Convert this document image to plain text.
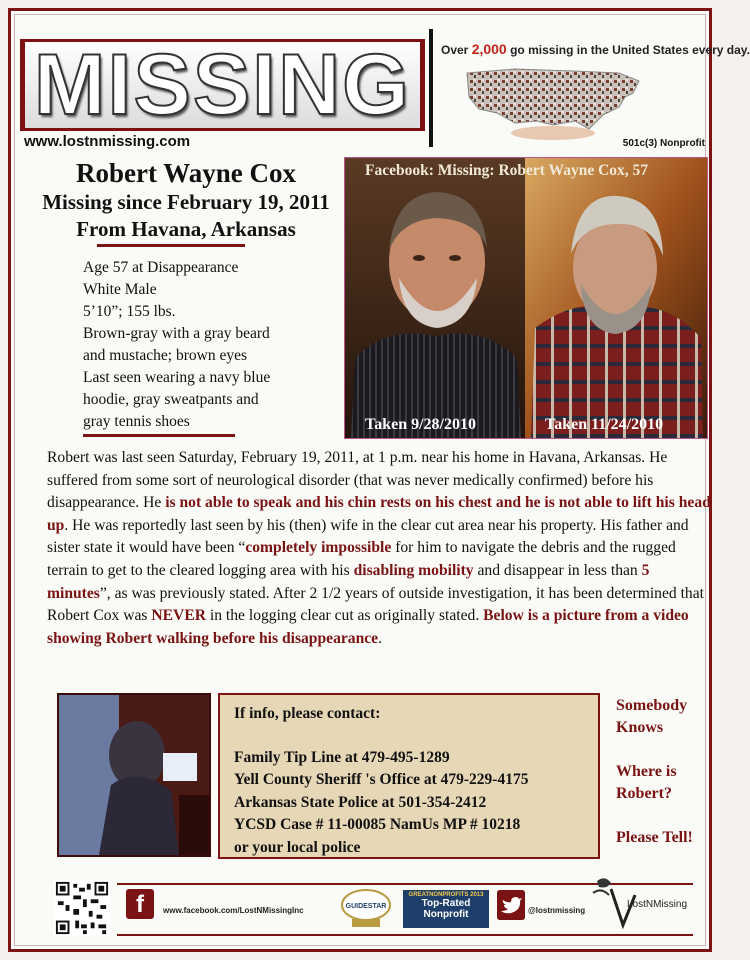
MISSING
www.lostnmissing.com
Over 2,000 go missing in the United States every day.
501c(3) Nonprofit
Robert Wayne Cox
Missing since February 19, 2011
From Havana, Arkansas
Age 57 at Disappearance
White Male
5’10”; 155 lbs.
Brown-gray with a gray beard
and mustache; brown eyes
Last seen wearing a navy blue
hoodie, gray sweatpants and
gray tennis shoes
Facebook: Missing: Robert Wayne Cox, 57
Taken 9/28/2010	Taken 11/24/2010
Robert was last seen Saturday, February 19, 2011, at 1 p.m. near his home in Havana, Arkansas. He suffered from some sort of neurological disorder (that was never medically confirmed) before his disappearance. He is not able to speak and his chin rests on his chest and he is not able to lift his head up. He was reportedly last seen by his (then) wife in the clear cut area near his property. His father and sister state it would have been “completely impossible for him to navigate the debris and the rugged terrain to get to the cleared logging area with his disabling mobility and disappear in less than 5 minutes”, as was previously stated. After 2 1/2 years of outside investigation, it has been determined that Robert Cox was NEVER in the logging clear cut as originally stated. Below is a picture from a video showing Robert walking before his disappearance.
If info, please contact:
Family Tip Line at 479-495-1289
Yell County Sheriff 's Office at 479-229-4175
Arkansas State Police at 501-354-2412
YCSD Case # 11-00085 NamUs MP # 10218
or your local police
Somebody
Knows
Where is
Robert?
Please Tell!
f	www.facebook.com/LostNMissingInc	GUIDESTAR
GREATNONPROFITS 2013
Top-Rated
Nonprofit	@lostnmissing
LostNMissing
